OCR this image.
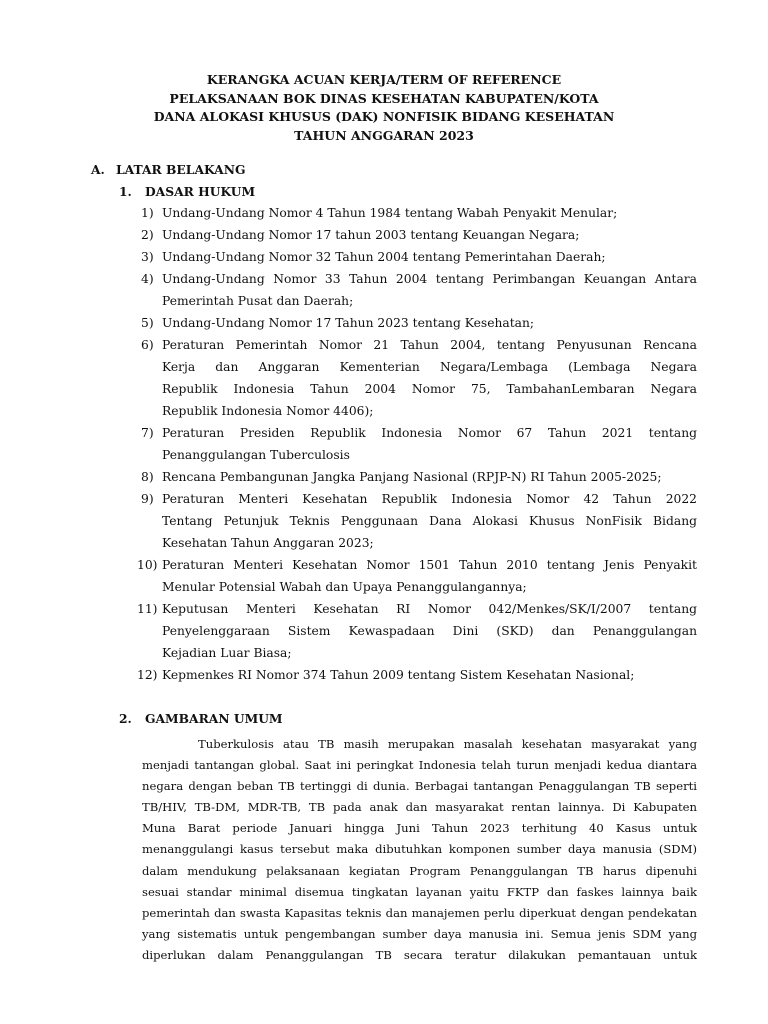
KERANGKA ACUAN KERJA/TERM OF REFERENCE
PELAKSANAAN BOK DINAS KESEHATAN KABUPATEN/KOTA
DANA ALOKASI KHUSUS (DAK) NONFISIK BIDANG KESEHATAN
TAHUN ANGGARAN 2023
A. LATAR BELAKANG
1. DASAR HUKUM
1) Undang-Undang Nomor 4 Tahun 1984 tentang Wabah Penyakit Menular;
2) Undang-Undang Nomor 17 tahun 2003 tentang Keuangan Negara;
3) Undang-Undang Nomor 32 Tahun 2004 tentang Pemerintahan Daerah;
4) Undang-Undang Nomor 33 Tahun 2004 tentang Perimbangan Keuangan Antara
Pemerintah Pusat dan Daerah;
5) Undang-Undang Nomor 17 Tahun 2023 tentang Kesehatan;
6) Peraturan Pemerintah Nomor 21 Tahun 2004, tentang Penyusunan Rencana
Kerja dan Anggaran Kementerian Negara/Lembaga (Lembaga Negara
Republik Indonesia Tahun 2004 Nomor 75, TambahanLembaran Negara
Republik Indonesia Nomor 4406);
7) Peraturan Presiden Republik Indonesia Nomor 67 Tahun 2021 tentang
Penanggulangan Tuberculosis
8) Rencana Pembangunan Jangka Panjang Nasional (RPJP-N) RI Tahun 2005-2025;
9) Peraturan Menteri Kesehatan Republik Indonesia Nomor 42 Tahun 2022
Tentang Petunjuk Teknis Penggunaan Dana Alokasi Khusus NonFisik Bidang
Kesehatan Tahun Anggaran 2023;
10) Peraturan Menteri Kesehatan Nomor 1501 Tahun 2010 tentang Jenis Penyakit
Menular Potensial Wabah dan Upaya Penanggulangannya;
11) Keputusan Menteri Kesehatan RI Nomor 042/Menkes/SK/I/2007 tentang
Penyelenggaraan Sistem Kewaspadaan Dini (SKD) dan Penanggulangan
Kejadian Luar Biasa;
12) Kepmenkes RI Nomor 374 Tahun 2009 tentang Sistem Kesehatan Nasional;
2. GAMBARAN UMUM
Tuberkulosis atau TB masih merupakan masalah kesehatan masyarakat yang
menjadi tantangan global. Saat ini peringkat Indonesia telah turun menjadi kedua diantara
negara dengan beban TB tertinggi di dunia. Berbagai tantangan Penaggulangan TB seperti
TB/HIV, TB-DM, MDR-TB, TB pada anak dan masyarakat rentan lainnya. Di Kabupaten
Muna Barat periode Januari hingga Juni Tahun 2023 terhitung 40 Kasus untuk
menanggulangi kasus tersebut maka dibutuhkan komponen sumber daya manusia (SDM)
dalam mendukung pelaksanaan kegiatan Program Penanggulangan TB harus dipenuhi
sesuai standar minimal disemua tingkatan layanan yaitu FKTP dan faskes lainnya baik
pemerintah dan swasta Kapasitas teknis dan manajemen perlu diperkuat dengan pendekatan
yang sistematis untuk pengembangan sumber daya manusia ini. Semua jenis SDM yang
diperlukan dalam Penanggulangan TB secara teratur dilakukan pemantauan untuk
